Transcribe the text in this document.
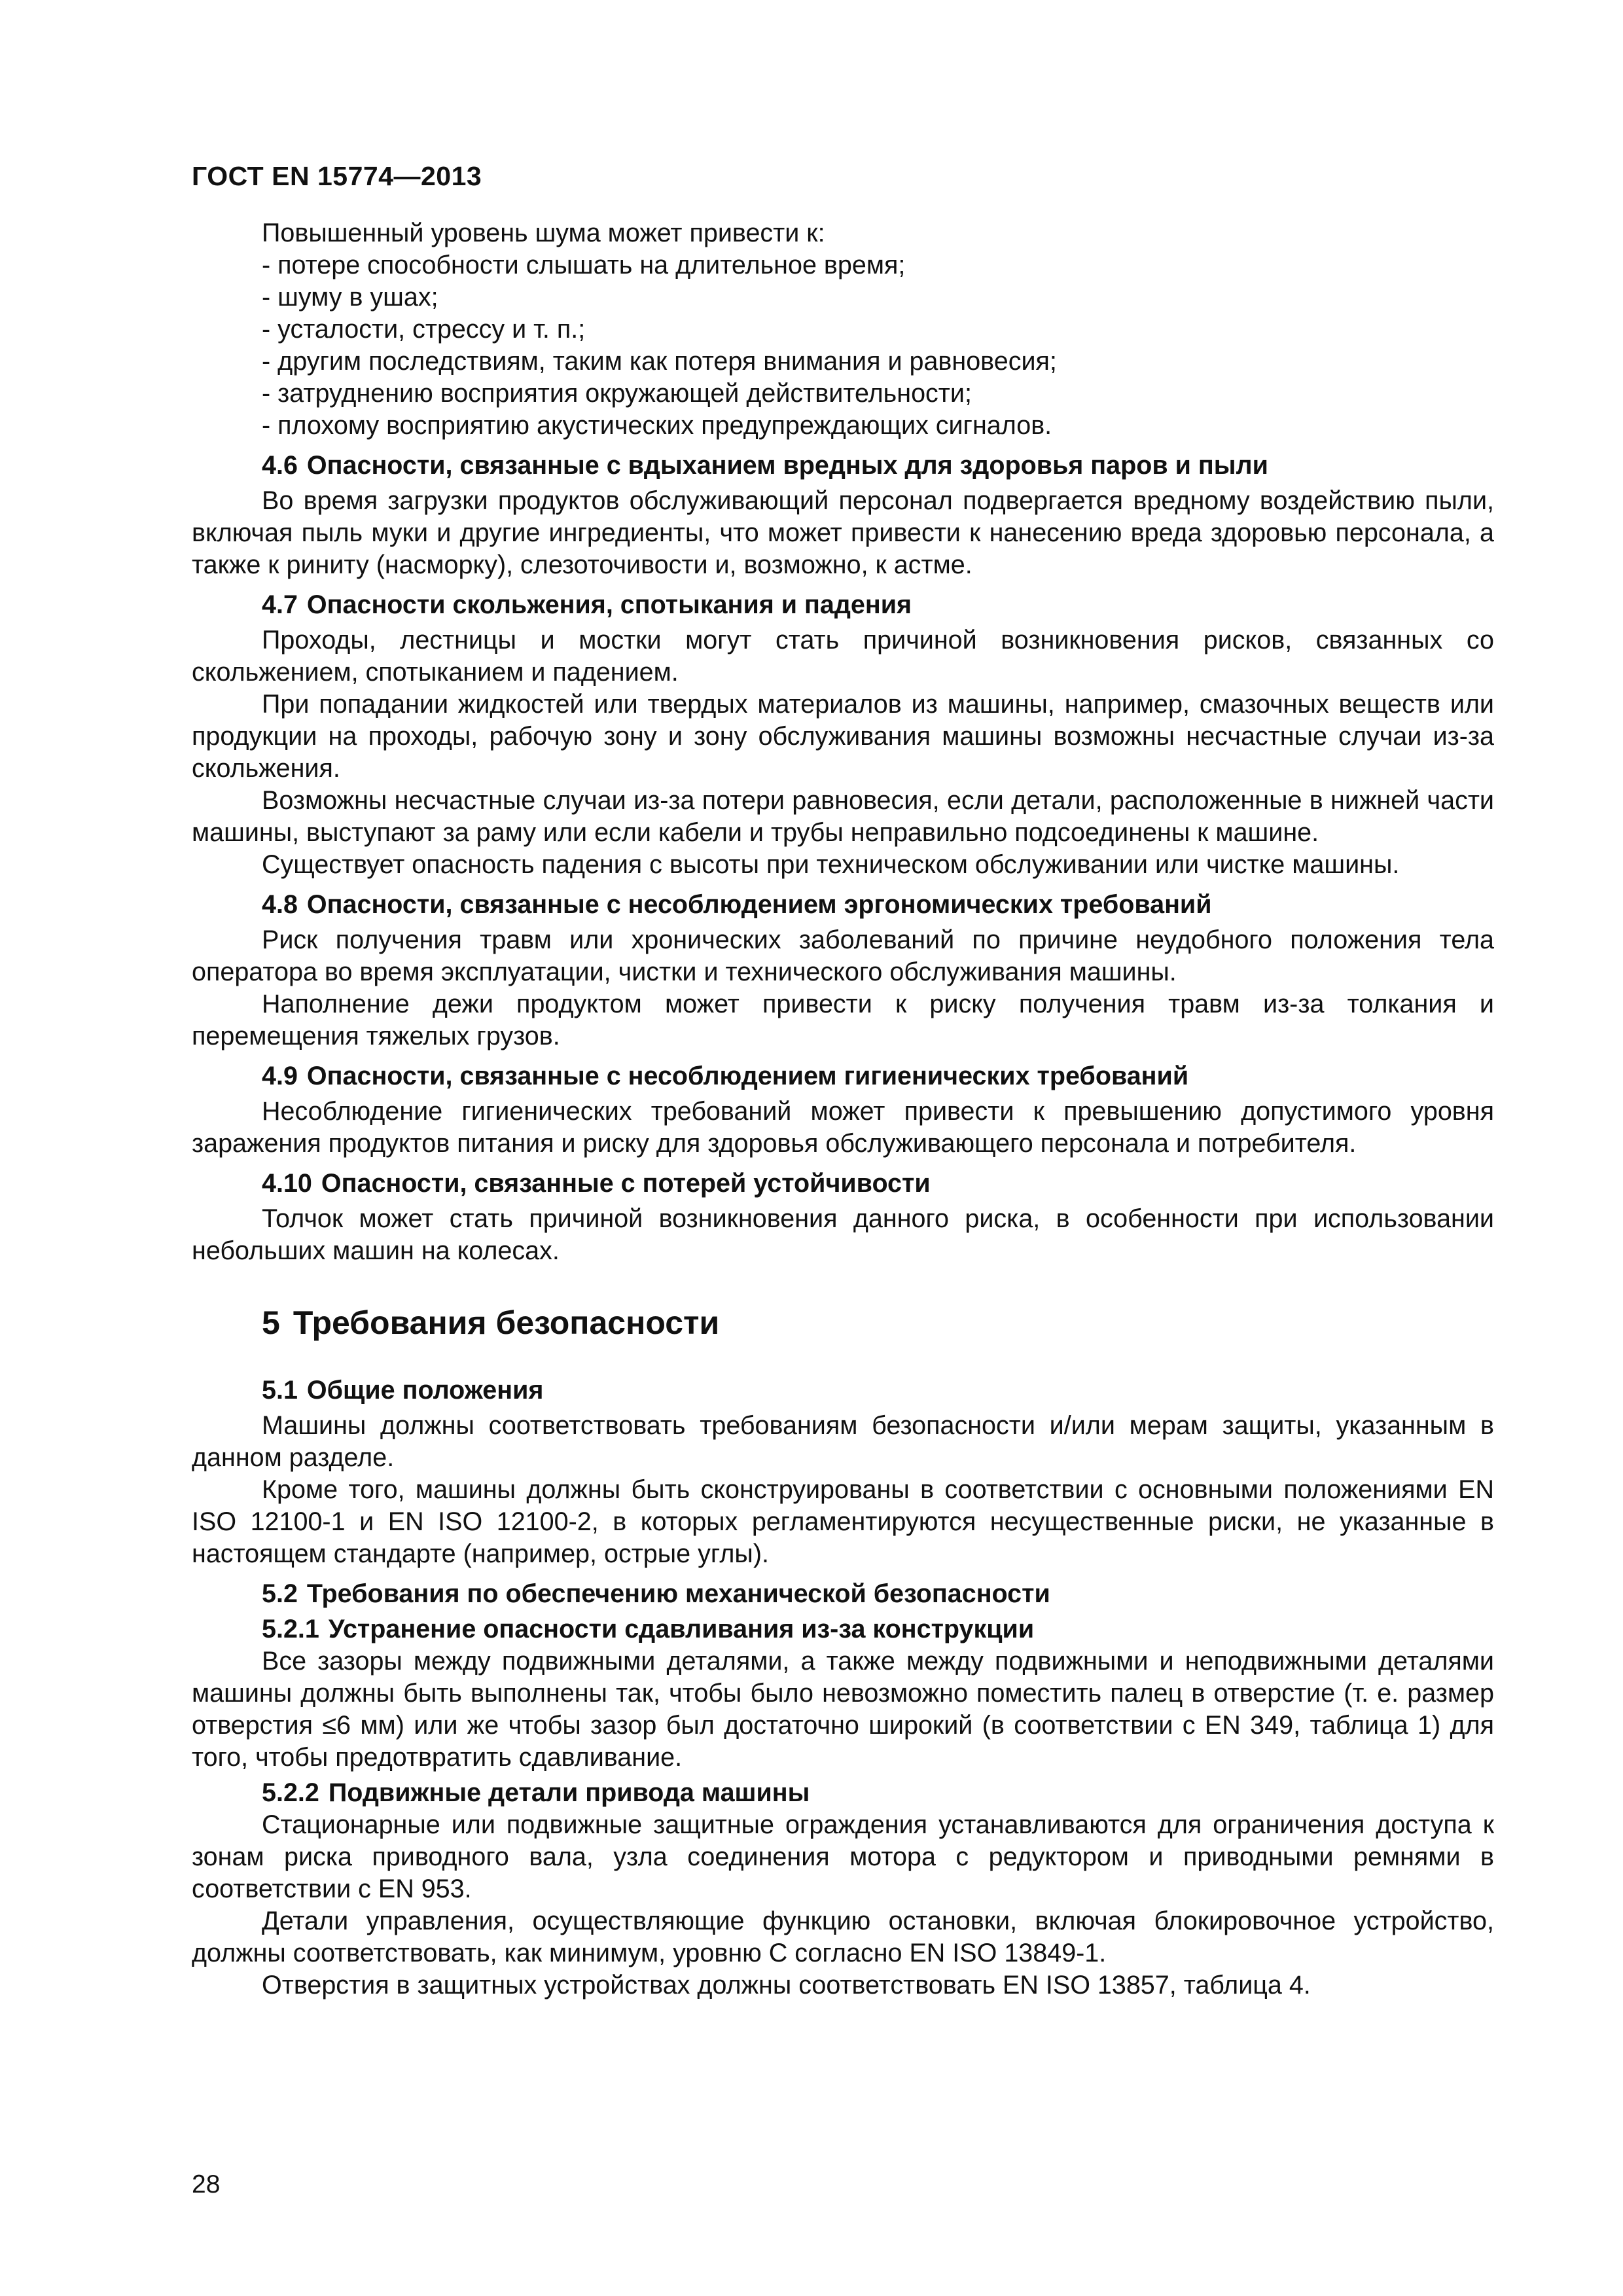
ГОСТ EN 15774—2013

Повышенный уровень шума может привести к:

- потере способности слышать на длительное время;
- шуму в ушах;
- усталости, стрессу и т. п.;
- другим последствиям, таким как потеря внимания и равновесия;
- затруднению восприятия окружающей действительности;
- плохому восприятию акустических предупреждающих сигналов.
4.6 Опасности, связанные с вдыханием вредных для здоровья паров и пыли

Во время загрузки продуктов обслуживающий персонал подвергается вредному воздействию пыли, включая пыль муки и другие ингредиенты, что может привести к нанесению вреда здоровью персонала, а также к риниту (насморку), слезоточивости и, возможно, к астме.

4.7 Опасности скольжения, спотыкания и падения

Проходы, лестницы и мостки могут стать причиной возникновения рисков, связанных со скольжением, спотыканием и падением.

При попадании жидкостей или твердых материалов из машины, например, смазочных веществ или продукции на проходы, рабочую зону и зону обслуживания машины возможны несчастные случаи из-за скольжения.

Возможны несчастные случаи из-за потери равновесия, если детали, расположенные в нижней части машины, выступают за раму или если кабели и трубы неправильно подсоединены к машине.

Существует опасность падения с высоты при техническом обслуживании или чистке машины.

4.8 Опасности, связанные с несоблюдением эргономических требований

Риск получения травм или хронических заболеваний по причине неудобного положения тела оператора во время эксплуатации, чистки и технического обслуживания машины.

Наполнение дежи продуктом может привести к риску получения травм из-за толкания и перемещения тяжелых грузов.

4.9 Опасности, связанные с несоблюдением гигиенических требований

Несоблюдение гигиенических требований может привести к превышению допустимого уровня заражения продуктов питания и риску для здоровья обслуживающего персонала и потребителя.

4.10 Опасности, связанные с потерей устойчивости

Толчок может стать причиной возникновения данного риска, в особенности при использовании небольших машин на колесах.

5 Требования безопасности
5.1 Общие положения

Машины должны соответствовать требованиям безопасности и/или мерам защиты, указанным в данном разделе.

Кроме того, машины должны быть сконструированы в соответствии с основными положениями EN ISO 12100-1 и EN ISO 12100-2, в которых регламентируются несущественные риски, не указанные в настоящем стандарте (например, острые углы).

5.2 Требования по обеспечению механической безопасности
5.2.1 Устранение опасности сдавливания из-за конструкции

Все зазоры между подвижными деталями, а также между подвижными и неподвижными деталями машины должны быть выполнены так, чтобы было невозможно поместить палец в отверстие (т. е. размер отверстия ≤6 мм) или же чтобы зазор был достаточно широкий (в соответствии с EN 349, таблица 1) для того, чтобы предотвратить сдавливание.

5.2.2 Подвижные детали привода машины

Стационарные или подвижные защитные ограждения устанавливаются для ограничения доступа к зонам риска приводного вала, узла соединения мотора с редуктором и приводными ремнями в соответствии с EN 953.

Детали управления, осуществляющие функцию остановки, включая блокировочное устройство, должны соответствовать, как минимум, уровню C согласно EN ISO 13849-1.

Отверстия в защитных устройствах должны соответствовать EN ISO 13857, таблица 4.

28
